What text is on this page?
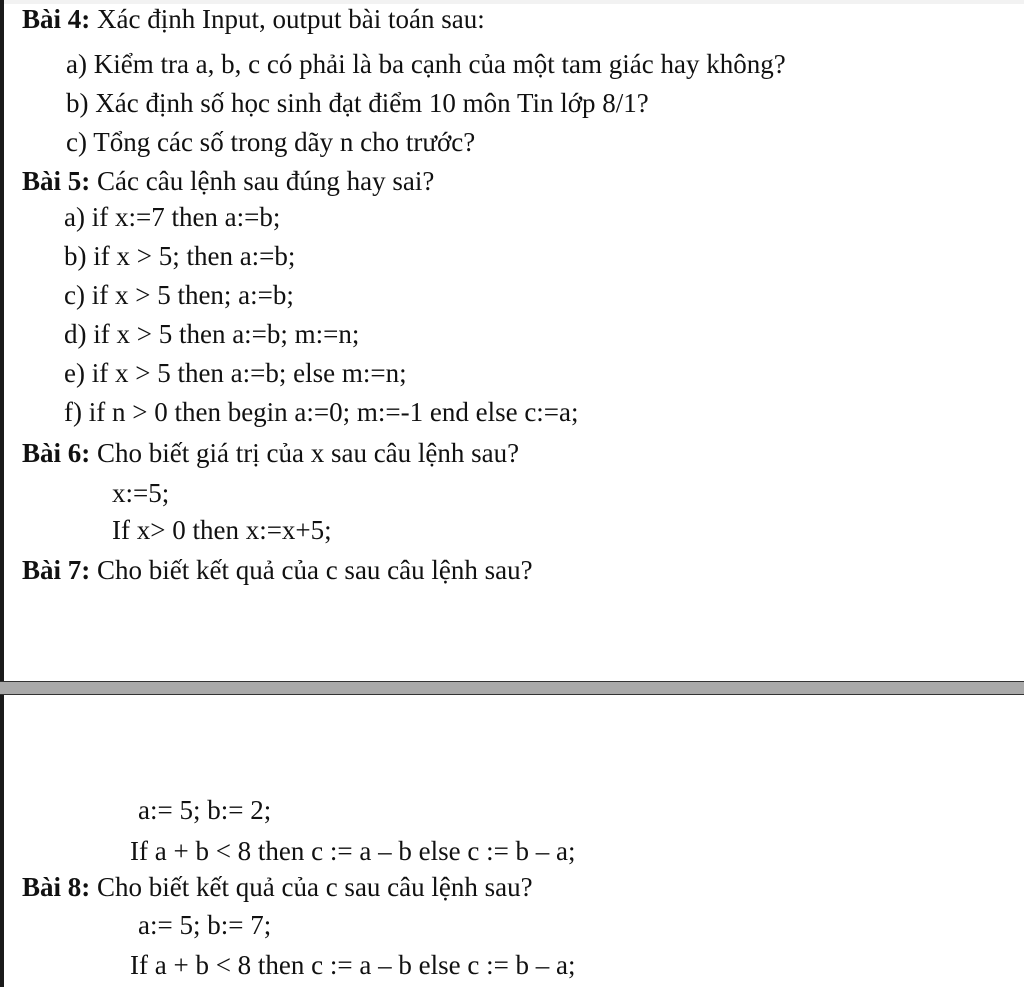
Bài 4: Xác định Input, output bài toán sau:
a) Kiểm tra a, b, c có phải là ba cạnh của một tam giác hay không?
b) Xác định số học sinh đạt điểm 10 môn Tin lớp 8/1?
c) Tổng các số trong dãy n cho trước?
Bài 5: Các câu lệnh sau đúng hay sai?
a) if x:=7 then a:=b;
b) if x > 5; then a:=b;
c) if x > 5 then; a:=b;
d) if x > 5 then a:=b; m:=n;
e) if x > 5 then a:=b; else m:=n;
f) if n > 0 then begin a:=0; m:=-1 end else c:=a;
Bài 6: Cho biết giá trị của x sau câu lệnh sau?
x:=5;
If x> 0 then x:=x+5;
Bài 7: Cho biết kết quả của c sau câu lệnh sau?
a:= 5; b:= 2;
If a + b < 8 then c := a – b else c := b – a;
Bài 8: Cho biết kết quả của c sau câu lệnh sau?
a:= 5; b:= 7;
If a + b < 8 then c := a – b else c := b – a;
